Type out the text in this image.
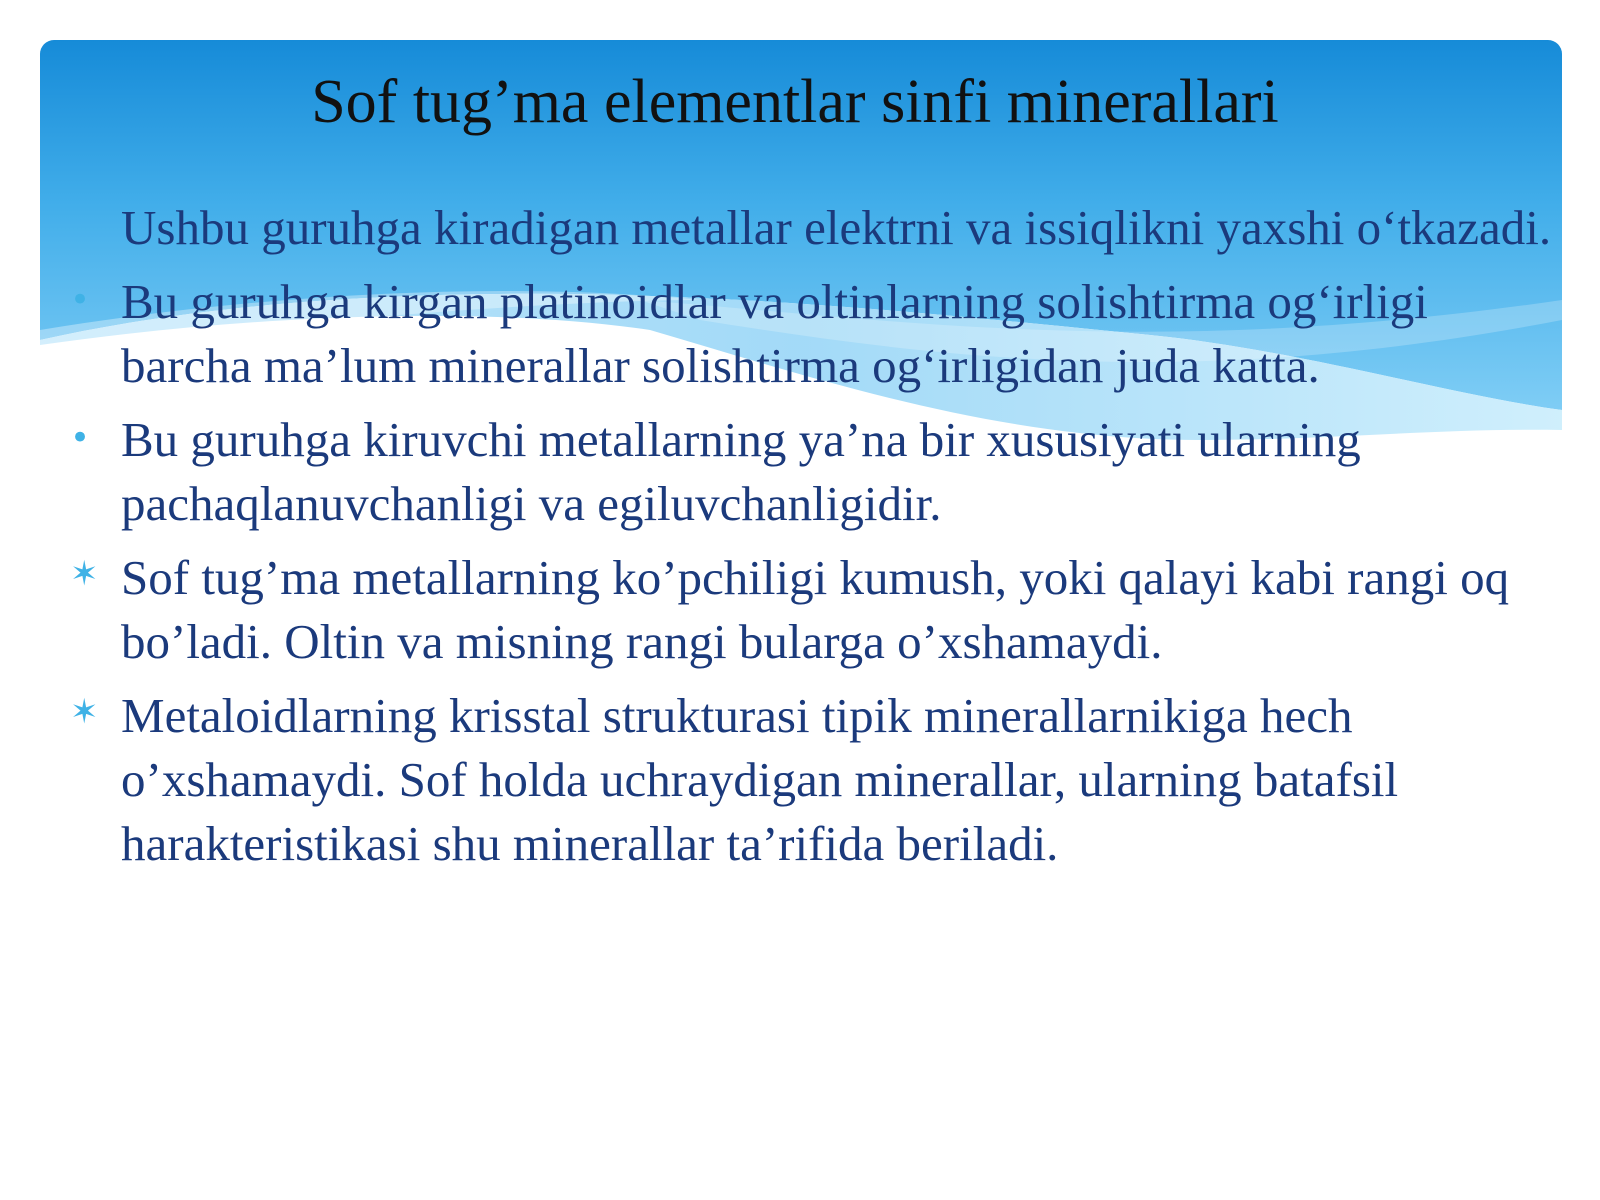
Sof tug’ma elementlar sinfi minerallari
Ushbu guruhga kiradigan metallar elektrni va issiqlikni yaxshi o‘tkazadi.
• Bu guruhga kirgan platinoidlar va oltinlarning solishtirma og‘irligi barcha ma’lum minerallar solishtirma og‘irligidan juda katta.
• Bu guruhga kiruvchi metallarning ya’na bir xususiyati ularning pachaqlanuvchanligi va egiluvchanligidir.
✶ Sof tug’ma metallarning ko’pchiligi kumush, yoki qalayi kabi rangi oq bo’ladi. Oltin va misning rangi bularga o’xshamaydi.
✶ Metaloidlarning krisstal strukturasi tipik minerallarnikiga hech o’xshamaydi. Sof holda uchraydigan minerallar, ularning batafsil harakteristikasi shu minerallar ta’rifida beriladi.
